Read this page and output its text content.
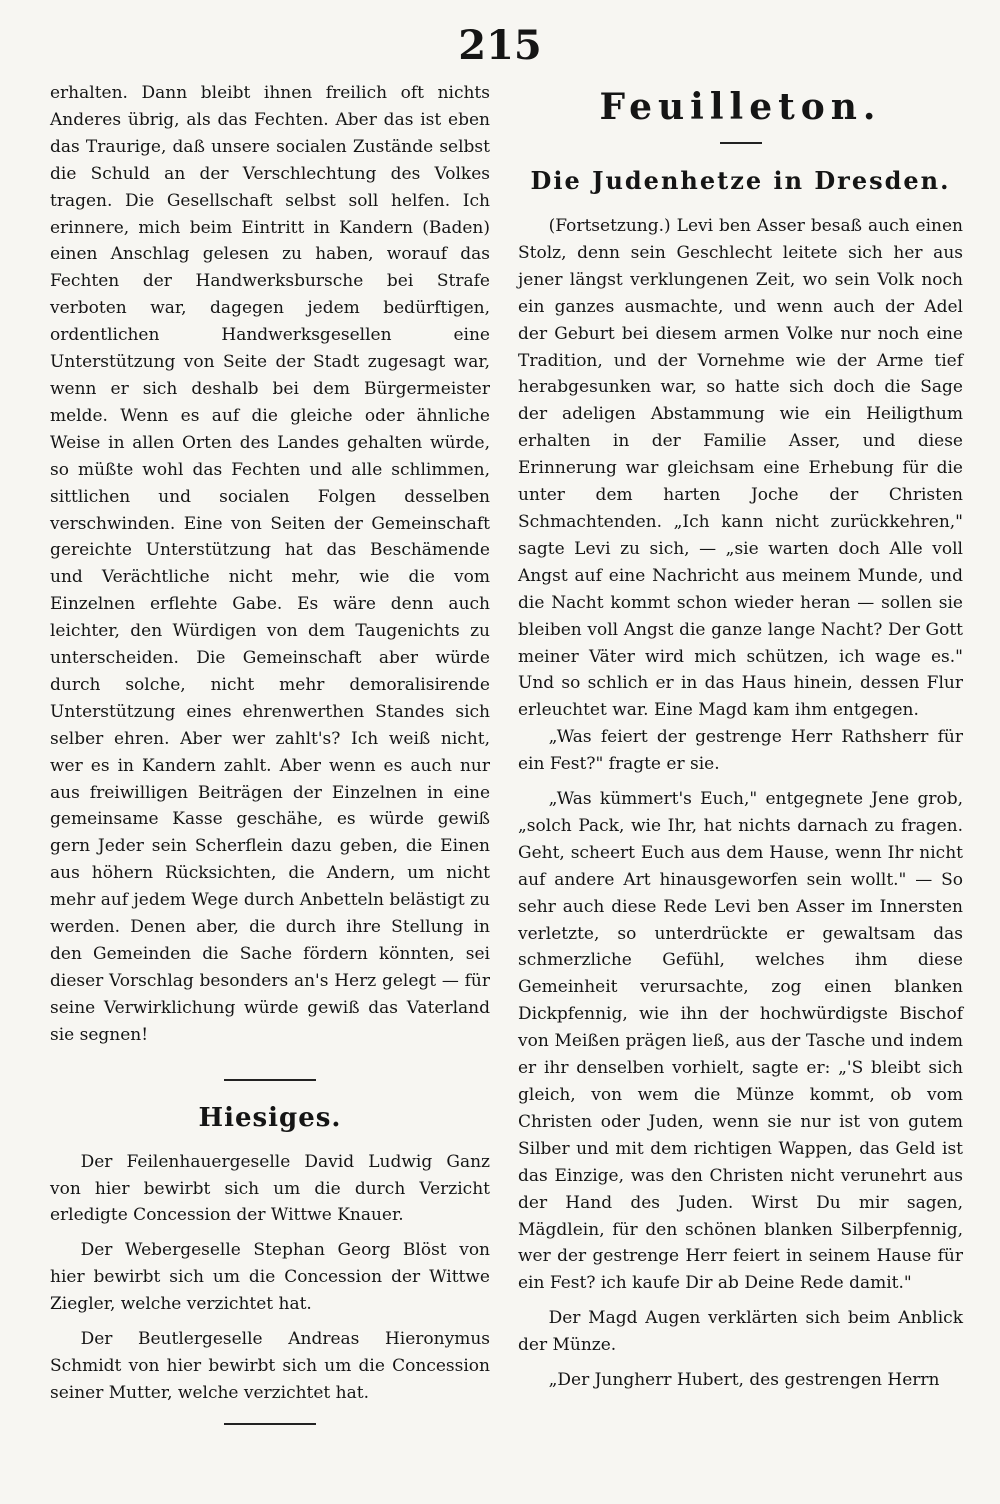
215

erhalten. Dann bleibt ihnen freilich oft nichts Anderes übrig, als das Fechten. Aber das ist eben das Traurige, daß unsere socialen Zustände selbst die Schuld an der Verschlechtung des Volkes tragen. Die Gesellschaft selbst soll helfen. Ich erinnere, mich beim Eintritt in Kandern (Baden) einen Anschlag gelesen zu haben, worauf das Fechten der Handwerksbursche bei Strafe verboten war, dagegen jedem bedürftigen, ordentlichen Handwerksgesellen eine Unterstützung von Seite der Stadt zugesagt war, wenn er sich deshalb bei dem Bürgermeister melde. Wenn es auf die gleiche oder ähnliche Weise in allen Orten des Landes gehalten würde, so müßte wohl das Fechten und alle schlimmen, sittlichen und socialen Folgen desselben verschwinden. Eine von Seiten der Gemeinschaft gereichte Unterstützung hat das Beschämende und Verächtliche nicht mehr, wie die vom Einzelnen erflehte Gabe. Es wäre denn auch leichter, den Würdigen von dem Taugenichts zu unterscheiden. Die Gemeinschaft aber würde durch solche, nicht mehr demoralisirende Unterstützung eines ehrenwerthen Standes sich selber ehren. Aber wer zahlt's? Ich weiß nicht, wer es in Kandern zahlt. Aber wenn es auch nur aus freiwilligen Beiträgen der Einzelnen in eine gemeinsame Kasse geschähe, es würde gewiß gern Jeder sein Scherflein dazu geben, die Einen aus höhern Rücksichten, die Andern, um nicht mehr auf jedem Wege durch Anbetteln belästigt zu werden. Denen aber, die durch ihre Stellung in den Gemeinden die Sache fördern könnten, sei dieser Vorschlag besonders an's Herz gelegt — für seine Verwirklichung würde gewiß das Vaterland sie segnen!

Hiesiges.

Der Feilenhauergeselle David Ludwig Ganz von hier bewirbt sich um die durch Verzicht erledigte Concession der Wittwe Knauer.

Der Webergeselle Stephan Georg Blöst von hier bewirbt sich um die Concession der Wittwe Ziegler, welche verzichtet hat.

Der Beutlergeselle Andreas Hieronymus Schmidt von hier bewirbt sich um die Concession seiner Mutter, welche verzichtet hat.

Feuilleton.
Die Judenhetze in Dresden.

(Fortsetzung.) Levi ben Asser besaß auch einen Stolz, denn sein Geschlecht leitete sich her aus jener längst verklungenen Zeit, wo sein Volk noch ein ganzes ausmachte, und wenn auch der Adel der Geburt bei diesem armen Volke nur noch eine Tradition, und der Vornehme wie der Arme tief herabgesunken war, so hatte sich doch die Sage der adeligen Abstammung wie ein Heiligthum erhalten in der Familie Asser, und diese Erinnerung war gleichsam eine Erhebung für die unter dem harten Joche der Christen Schmachtenden. „Ich kann nicht zurückkehren," sagte Levi zu sich, — „sie warten doch Alle voll Angst auf eine Nachricht aus meinem Munde, und die Nacht kommt schon wieder heran — sollen sie bleiben voll Angst die ganze lange Nacht? Der Gott meiner Väter wird mich schützen, ich wage es." Und so schlich er in das Haus hinein, dessen Flur erleuchtet war. Eine Magd kam ihm entgegen.

„Was feiert der gestrenge Herr Rathsherr für ein Fest?" fragte er sie.

„Was kümmert's Euch," entgegnete Jene grob, „solch Pack, wie Ihr, hat nichts darnach zu fragen. Geht, scheert Euch aus dem Hause, wenn Ihr nicht auf andere Art hinausgeworfen sein wollt." — So sehr auch diese Rede Levi ben Asser im Innersten verletzte, so unterdrückte er gewaltsam das schmerzliche Gefühl, welches ihm diese Gemeinheit verursachte, zog einen blanken Dickpfennig, wie ihn der hochwürdigste Bischof von Meißen prägen ließ, aus der Tasche und indem er ihr denselben vorhielt, sagte er: „'S bleibt sich gleich, von wem die Münze kommt, ob vom Christen oder Juden, wenn sie nur ist von gutem Silber und mit dem richtigen Wappen, das Geld ist das Einzige, was den Christen nicht verunehrt aus der Hand des Juden. Wirst Du mir sagen, Mägdlein, für den schönen blanken Silberpfennig, wer der gestrenge Herr feiert in seinem Hause für ein Fest? ich kaufe Dir ab Deine Rede damit."

Der Magd Augen verklärten sich beim Anblick der Münze.

„Der Jungherr Hubert, des gestrengen Herrn
